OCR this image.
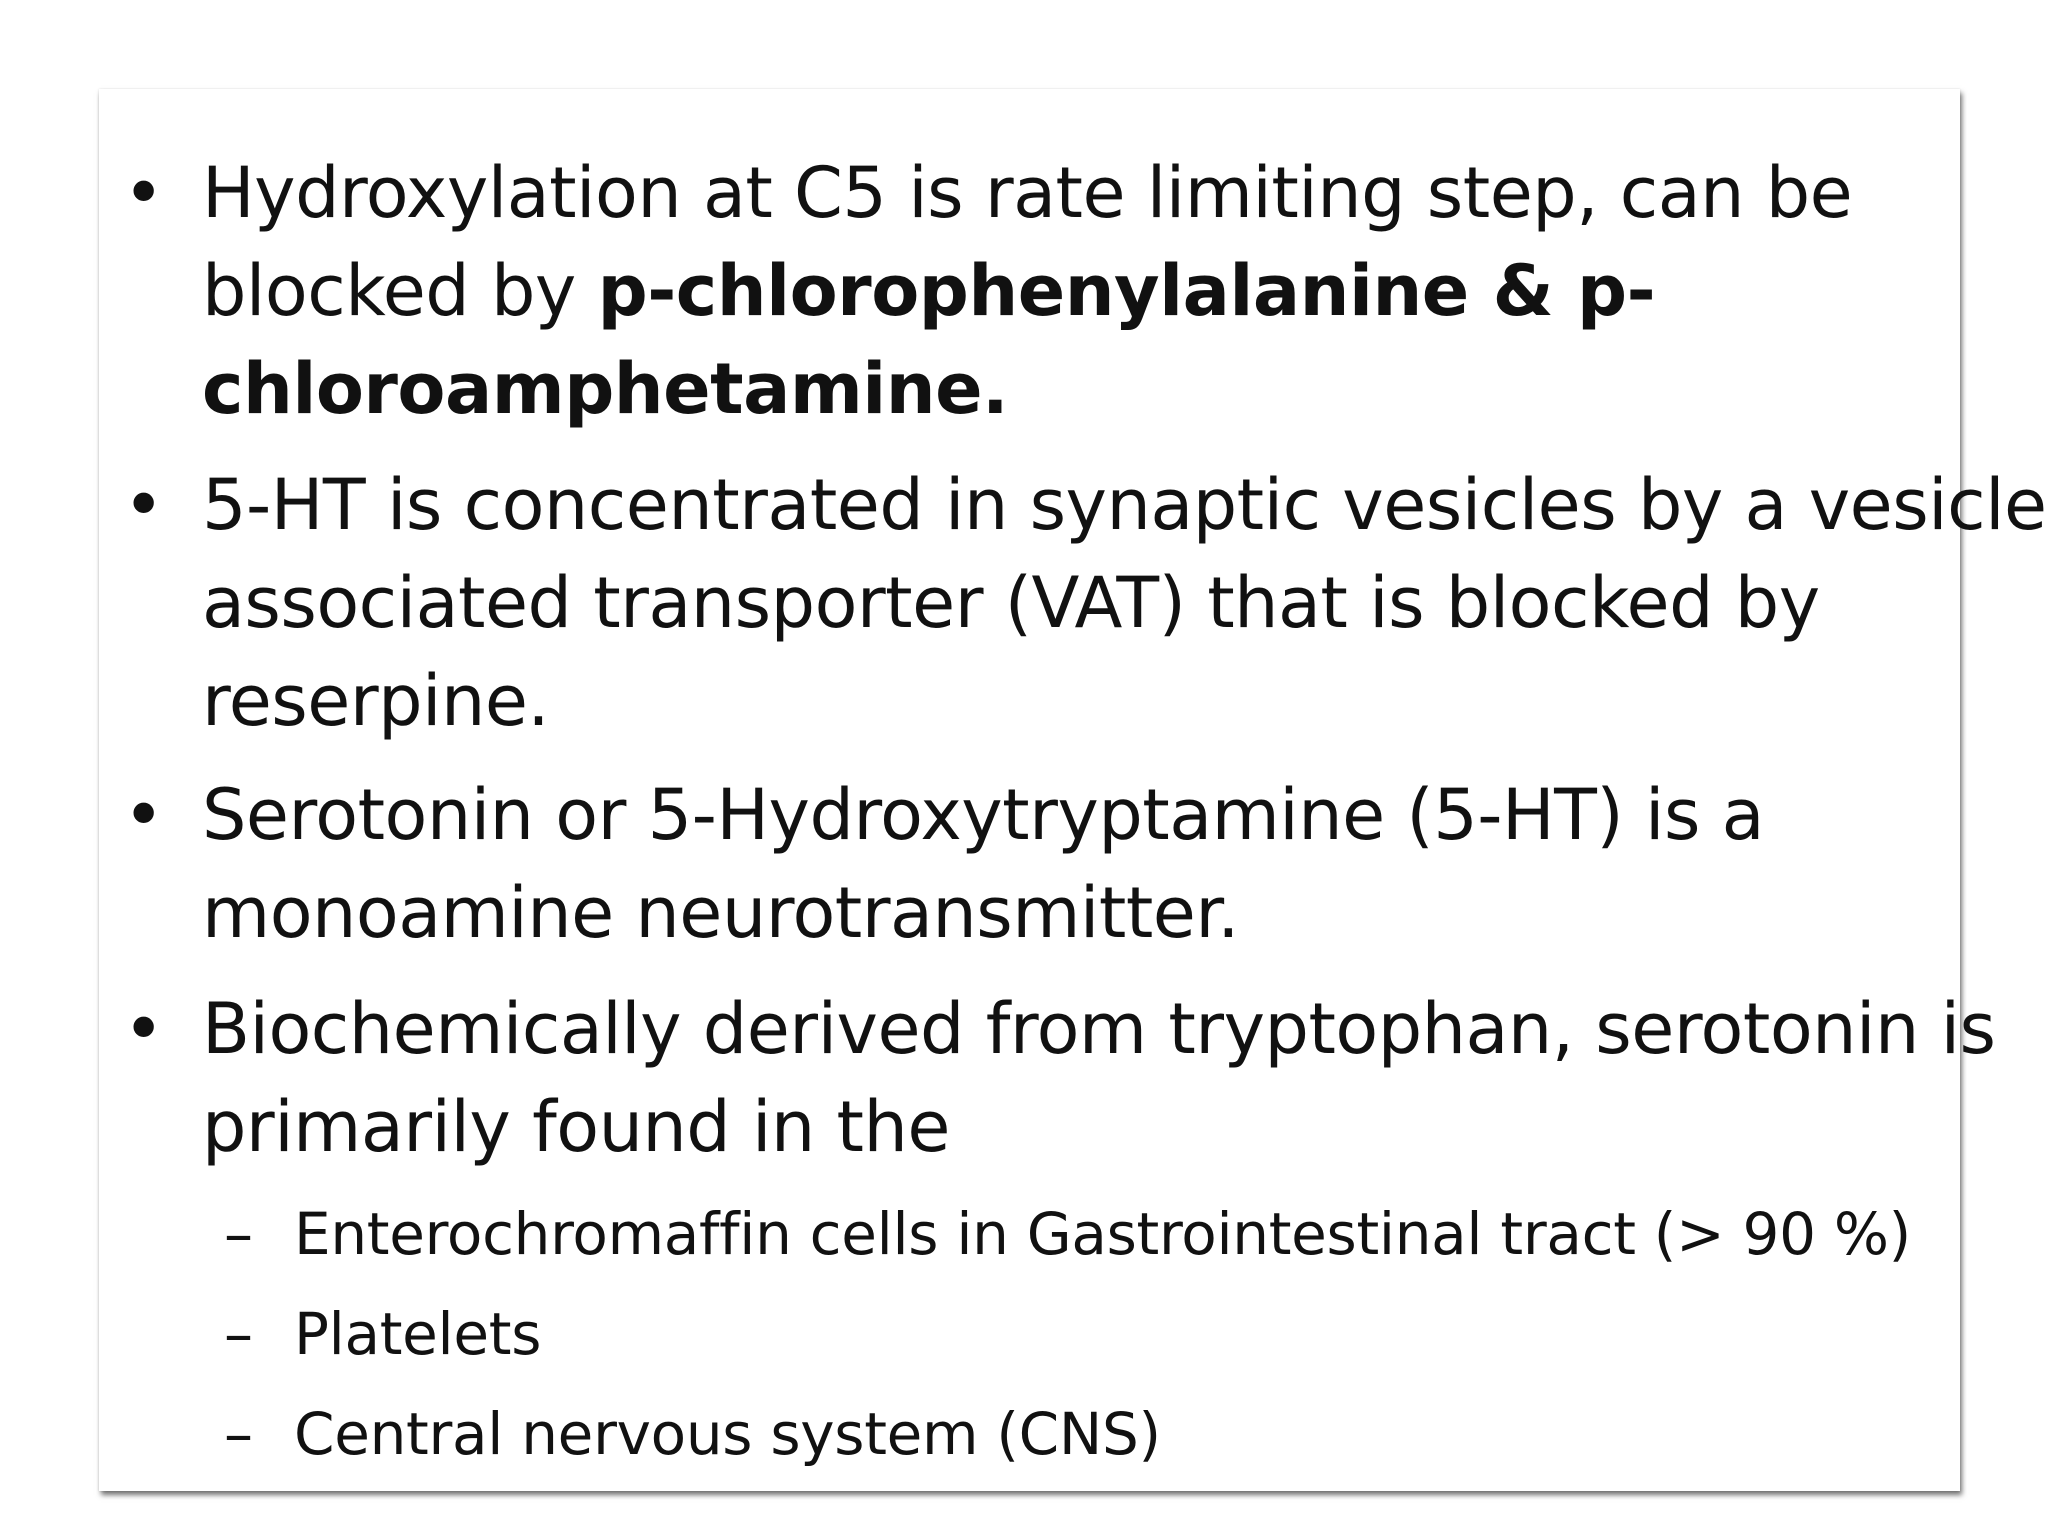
• Hydroxylation at C5 is rate limiting step, can be
blocked by p-chlorophenylalanine & p-
chloroamphetamine.
• 5-HT is concentrated in synaptic vesicles by a vesicle
associated transporter (VAT) that is blocked by
reserpine.
• Serotonin or 5-Hydroxytryptamine (5-HT) is a
monoamine neurotransmitter.
• Biochemically derived from tryptophan, serotonin is
primarily found in the
– Enterochromaffin cells in Gastrointestinal tract (> 90 %)
– Platelets
– Central nervous system (CNS)
